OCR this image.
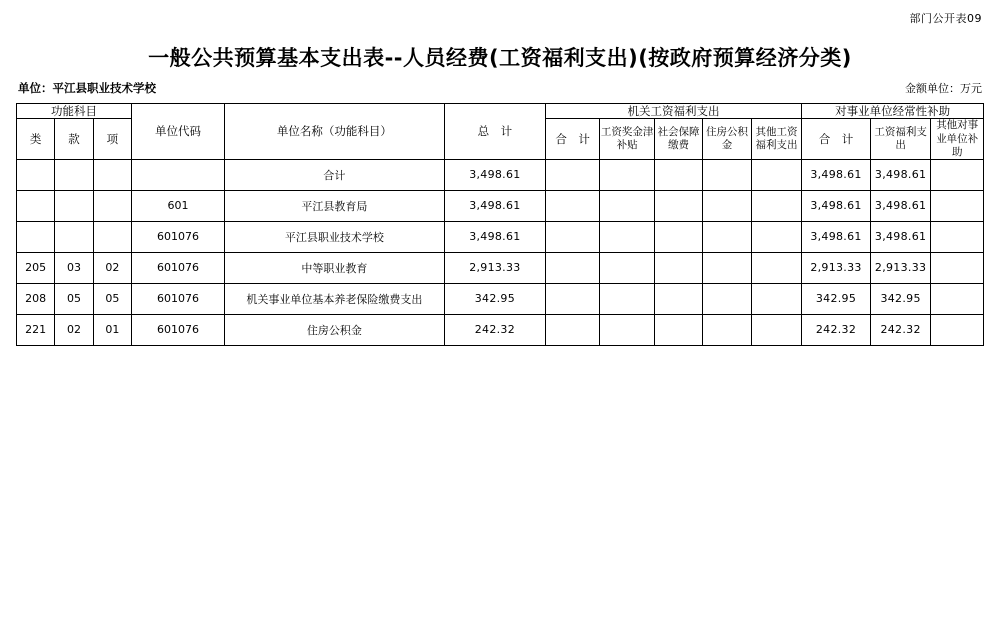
部门公开表09
一般公共预算基本支出表--人员经费(工资福利支出)(按政府预算经济分类)
单位：平江县职业技术学校	金额单位：万元
功能科目			单位代码	单位名称（功能科目）	总　计	机关工资福利支出					对事业单位经常性补助		
类	款	项				合　计	工资奖金津补贴	社会保障缴费	住房公积金	其他工资福利支出	合　计	工资福利支出	其他对事业单位补助
				合计	3,498.61						3,498.61	3,498.61	
			601	平江县教育局	3,498.61						3,498.61	3,498.61	
			601076	平江县职业技术学校	3,498.61						3,498.61	3,498.61	
205	03	02	601076	中等职业教育	2,913.33						2,913.33	2,913.33	
208	05	05	601076	机关事业单位基本养老保险缴费支出	342.95						342.95	342.95	
221	02	01	601076	住房公积金	242.32						242.32	242.32	
